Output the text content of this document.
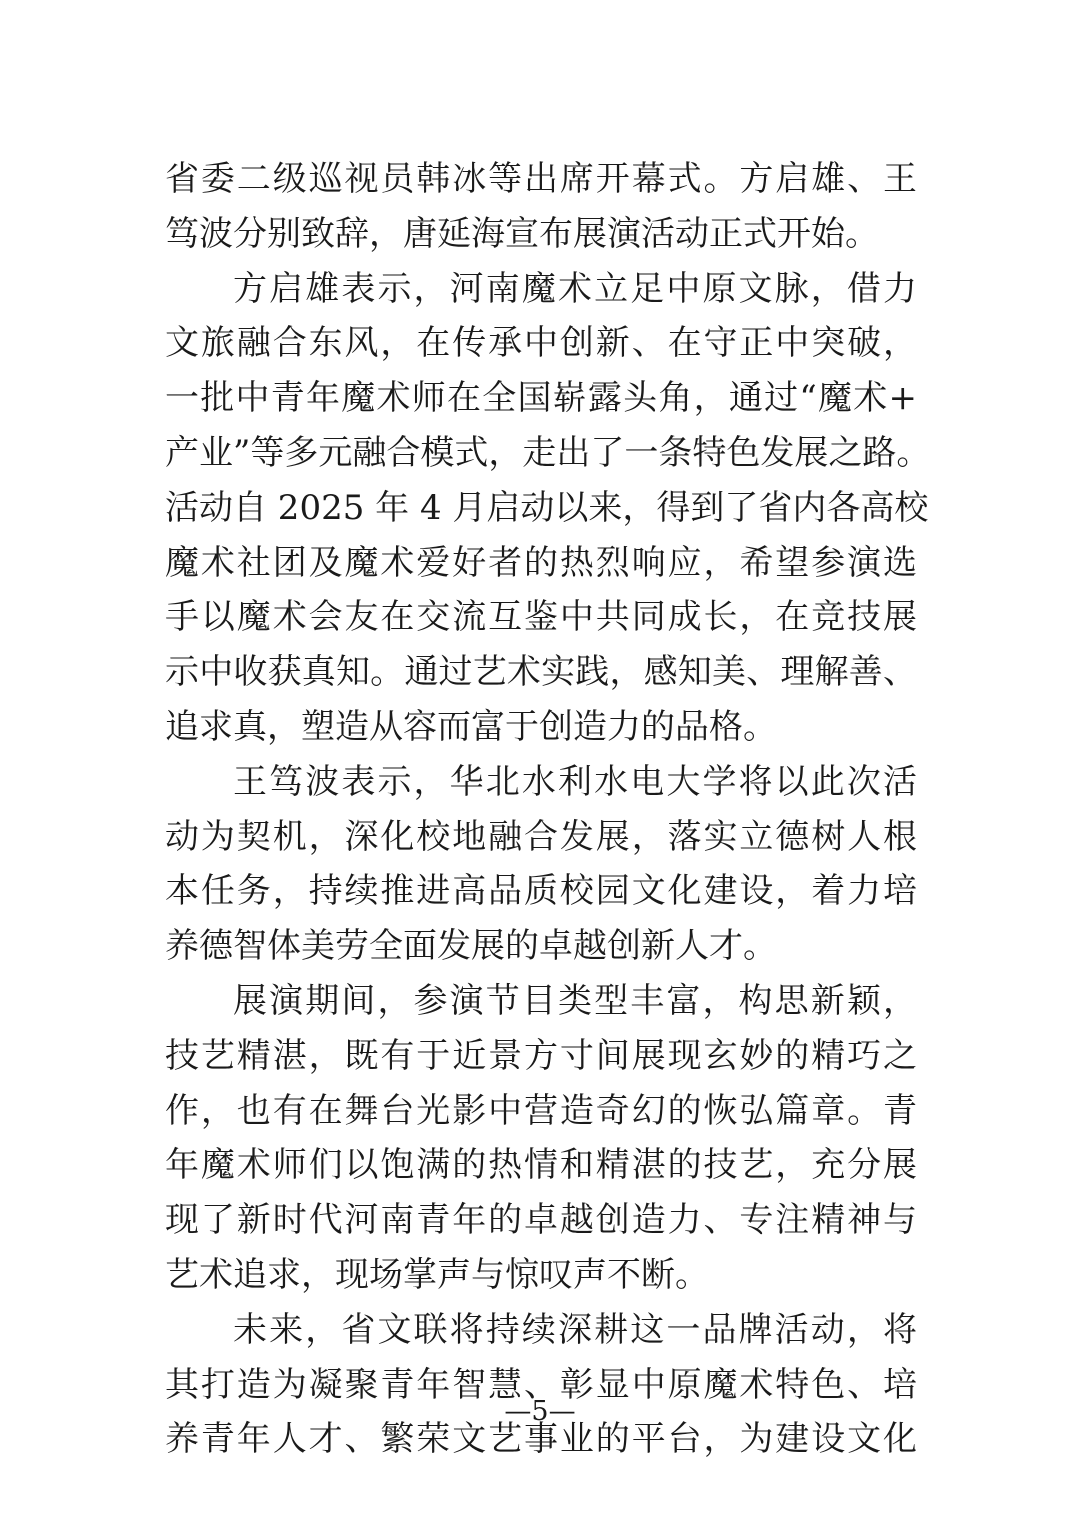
省委二级巡视员韩冰等出席开幕式。方启雄、王
笃波分别致辞，唐延海宣布展演活动正式开始。
方启雄表示，河南魔术立足中原文脉，借力
文旅融合东风，在传承中创新、在守正中突破，
一批中青年魔术师在全国崭露头角，通过“魔术+
产业”等多元融合模式，走出了一条特色发展之路。
活动自 2025 年 4 月启动以来，得到了省内各高校
魔术社团及魔术爱好者的热烈响应，希望参演选
手以魔术会友在交流互鉴中共同成长，在竞技展
示中收获真知。通过艺术实践，感知美、理解善、
追求真，塑造从容而富于创造力的品格。
王笃波表示，华北水利水电大学将以此次活
动为契机，深化校地融合发展，落实立德树人根
本任务，持续推进高品质校园文化建设，着力培
养德智体美劳全面发展的卓越创新人才。
展演期间，参演节目类型丰富，构思新颖，
技艺精湛，既有于近景方寸间展现玄妙的精巧之
作，也有在舞台光影中营造奇幻的恢弘篇章。青
年魔术师们以饱满的热情和精湛的技艺，充分展
现了新时代河南青年的卓越创造力、专注精神与
艺术追求，现场掌声与惊叹声不断。
未来，省文联将持续深耕这一品牌活动，将
其打造为凝聚青年智慧、彰显中原魔术特色、培
养青年人才、繁荣文艺事业的平台，为建设文化
—5—
